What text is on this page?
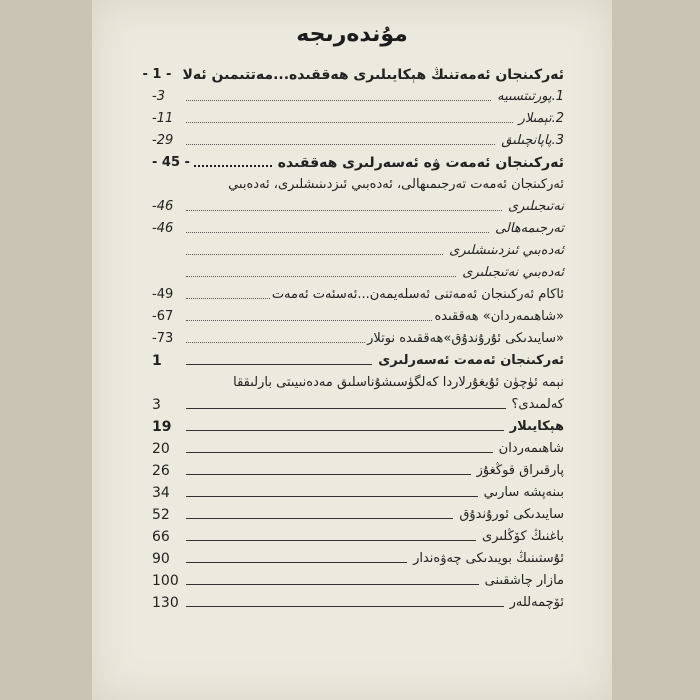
مۇندەرىجە
ئەركىنجان ئەمەتنىڭ ھېكايىلىرى ھەققىدە...مەتتىمىن ئەلا
- 1 -
1.پورتىتسىيە
-3
2.تېمىلار
-11
3.پاپانچىلىق
-29
ئەركىنجان ئەمەت ۋە ئەسەرلىرى ھەققىدە
- 45 -
ئەركىنجان ئەمەت تەرجىمىھالى، ئەدەبىي ئىزدىنىشلىرى، ئەدەبىي
نەتىجىلىرى
-46
تەرجىمەھالى
-46
ئەدەبىي ئىزدىنىشلىرى
ئەدەبىي نەتىجىلىرى
ئاكام ئەركىنجان ئەمەتنى ئەسلەيمەن...ئەسئەت ئەمەت
-49
«شاھىمەردان» ھەققىدە
-67
«سايىدىكى ئۇرۇندۇق»ھەققىدە نوتلار
-73
ئەركىنجان ئەمەت ئەسەرلىرى
1
نېمە ئۈچۈن ئۇيغۇرلاردا كەلگۈسىشۇناسلىق مەدەنىيىتى بارلىققا
كەلمىدى؟
3
ھېكايىلار
19
شاھىمەردان
20
پارقىراق قوڭغۇز
26
بىنەپشە سارىي
34
سايىدىكى ئورۇندۇق
52
باغنىڭ كۆڭلىرى
66
ئۇستىنىڭ بويىدىكى چەۋەندار
90
مازار چاشقىنى
100
ئۆچمەللەر
130
